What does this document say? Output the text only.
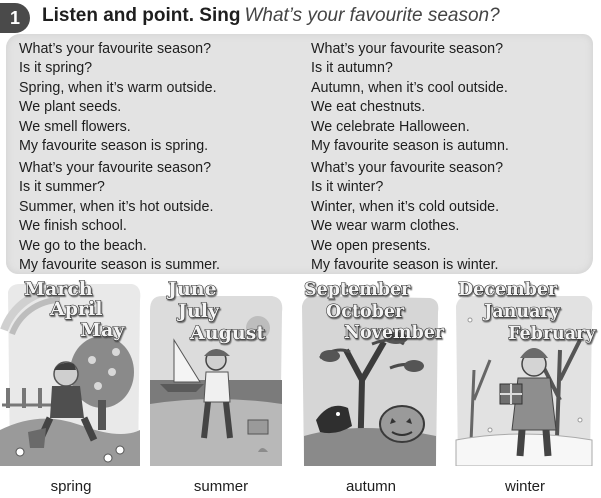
1	Listen and point. Sing What’s your favourite season?
What’s your favourite season?
Is it spring?
Spring, when it’s warm outside.
We plant seeds.
We smell flowers.
My favourite season is spring.
What’s your favourite season?
Is it summer?
Summer, when it’s hot outside.
We finish school.
We go to the beach.
My favourite season is summer.
What’s your favourite season?
Is it autumn?
Autumn, when it’s cool outside.
We eat chestnuts.
We celebrate Halloween.
My favourite season is autumn.
What’s your favourite season?
Is it winter?
Winter, when it’s cold outside.
We wear warm clothes.
We open presents.
My favourite season is winter.
March
April
May
June
July
August
September
October
November
December
January
February
spring	summer	autumn	winter
